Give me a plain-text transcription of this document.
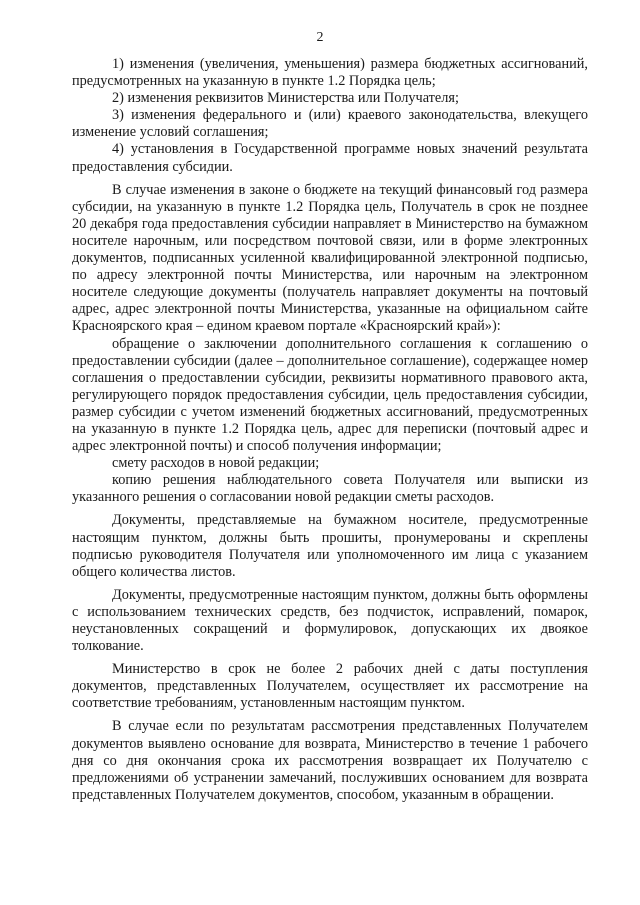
2

1) изменения (увеличения, уменьшения) размера бюджетных ассигнований, предусмотренных на указанную в пункте 1.2 Порядка цель;

2) изменения реквизитов Министерства или Получателя;

3) изменения федерального и (или) краевого законодательства, влекущего изменение условий соглашения;

4) установления в Государственной программе новых значений результата предоставления субсидии.

В случае изменения в законе о бюджете на текущий финансовый год размера субсидии, на указанную в пункте 1.2 Порядка цель, Получатель в срок не позднее 20 декабря года предоставления субсидии направляет в Министерство на бумажном носителе нарочным, или посредством почтовой связи, или в форме электронных документов, подписанных усиленной квалифицированной электронной подписью, по адресу электронной почты Министерства, или нарочным на электронном носителе следующие документы (получатель направляет документы на почтовый адрес, адрес электронной почты Министерства, указанные на официальном сайте Красноярского края – едином краевом портале «Красноярский край»):

обращение о заключении дополнительного соглашения к соглашению о предоставлении субсидии (далее – дополнительное соглашение), содержащее номер соглашения о предоставлении субсидии, реквизиты нормативного правового акта, регулирующего порядок предоставления субсидии, цель предоставления субсидии, размер субсидии с учетом изменений бюджетных ассигнований, предусмотренных на указанную в пункте 1.2 Порядка цель, адрес для переписки (почтовый адрес и адрес электронной почты) и способ получения информации;

смету расходов в новой редакции;

копию решения наблюдательного совета Получателя или выписки из указанного решения о согласовании новой редакции сметы расходов.

Документы, представляемые на бумажном носителе, предусмотренные настоящим пунктом, должны быть прошиты, пронумерованы и скреплены подписью руководителя Получателя или уполномоченного им лица с указанием общего количества листов.

Документы, предусмотренные настоящим пунктом, должны быть оформлены с использованием технических средств, без подчисток, исправлений, помарок, неустановленных сокращений и формулировок, допускающих их двоякое толкование.

Министерство в срок не более 2 рабочих дней с даты поступления документов, представленных Получателем, осуществляет их рассмотрение на соответствие требованиям, установленным настоящим пунктом.

В случае если по результатам рассмотрения представленных Получателем документов выявлено основание для возврата, Министерство в течение 1 рабочего дня со дня окончания срока их рассмотрения возвращает их Получателю с предложениями об устранении замечаний, послуживших основанием для возврата представленных Получателем документов, способом, указанным в обращении.
